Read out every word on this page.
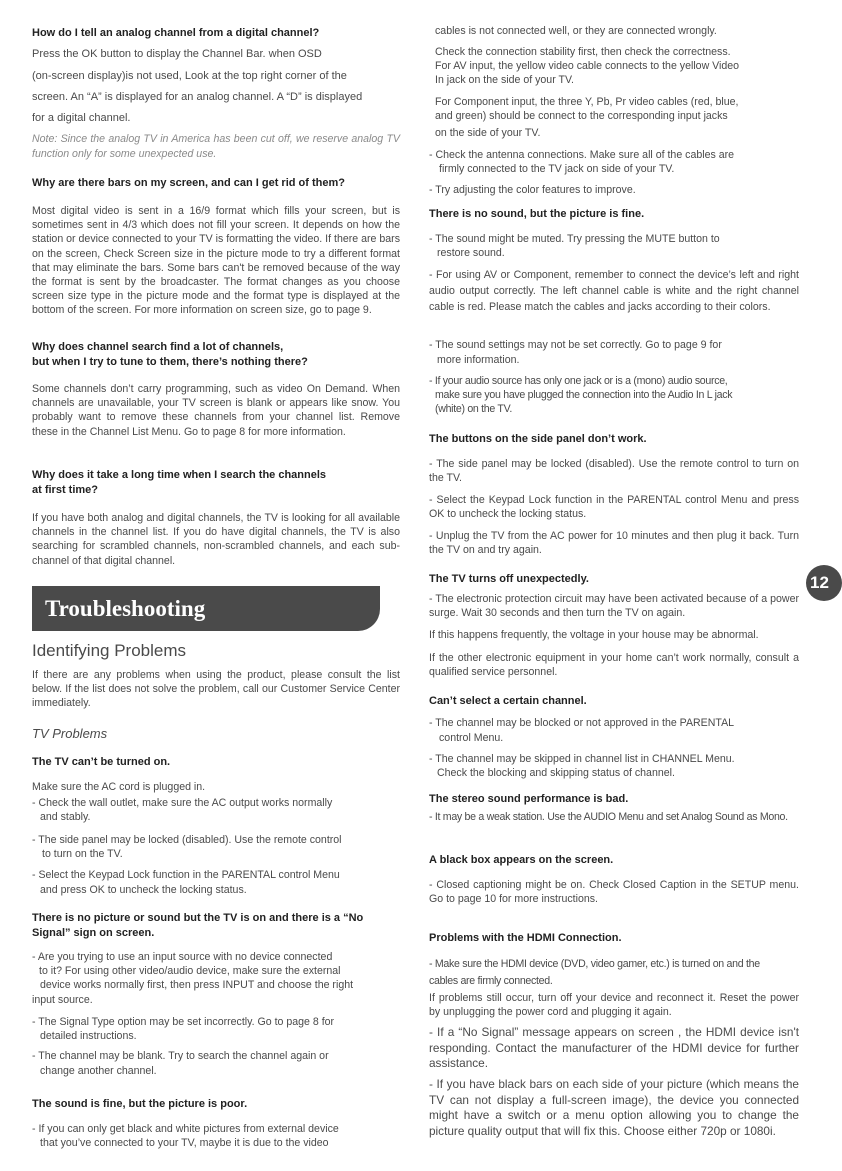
How do I tell an analog channel from a digital channel?
Press the OK button to display the Channel Bar. when OSD
(on-screen display)is not used, Look at the top right corner of the
screen. An “A” is displayed for an analog channel. A “D” is displayed
for a digital channel.
Note: Since the analog TV in America has been cut off, we reserve analog TV function only for some unexpected use.
Why are there bars on my screen, and can I get rid of them?
Most digital video is sent in a 16/9 format which fills your screen, but is sometimes sent in 4/3 which does not fill your screen. It depends on how the station or device connected to your TV is formatting the video. If there are bars on the screen, Check Screen size in the picture mode to try a different format that may eliminate the bars. Some bars can't be removed because of the way the format is sent by the broadcaster. The format changes as you choose screen size type in the picture mode and the format type is displayed at the bottom of the screen. For more information on screen size, go to page 9.
Why does channel search find a lot of channels,
but when I try to tune to them, there’s nothing there?
Some channels don’t carry programming, such as video On Demand. When channels are unavailable, your TV screen is blank or appears like snow. You probably want to remove these channels from your channel list. Remove these in the Channel List Menu. Go to page 8 for more information.
Why does it take a long time when I search the channels
at first time?
If you have both analog and digital channels, the TV is looking for all available channels in the channel list. If you do have digital channels, the TV is also searching for scrambled channels, non-scrambled channels, and each sub-channel of that digital channel.
Troubleshooting
Identifying Problems
If there are any problems when using the product, please consult the list below. If the list does not solve the problem, call our Customer Service Center immediately.
TV Problems
The TV can’t be turned on.
Make sure the AC cord is plugged in.
- Check the wall outlet, make sure the AC output works normally
and stably.
- The side panel may be locked (disabled). Use the remote control
to turn on the TV.
- Select the Keypad Lock function in the PARENTAL control Menu
and press OK to uncheck the locking status.
There is no picture or sound but the TV is on and there is a “No Signal” sign on screen.
- Are you trying to use an input source with no device connected
to it? For using other video/audio device, make sure the external
device works normally first, then press INPUT and choose the right
input source.
- The Signal Type option may be set incorrectly. Go to page 8 for
detailed instructions.
- The channel may be blank. Try to search the channel again or
change another channel.
The sound is fine, but the picture is poor.
- If you can only get black and white pictures from external device
that you’ve connected to your TV, maybe it is due to the video
cables is not connected well, or they are connected wrongly.
Check the connection stability first, then check the correctness.
For AV input, the yellow video cable connects to the yellow Video
In jack on the side of your TV.
For Component input, the three Y, Pb, Pr video cables (red, blue,
and green) should be connect to the corresponding input jacks
on the side of your TV.
- Check the antenna connections. Make sure all of the cables are
firmly connected to the TV jack on side of your TV.
- Try adjusting the color features to improve.
There is no sound, but the picture is fine.
- The sound might be muted. Try pressing the MUTE button to
restore sound.
- For using AV or Component, remember to connect the device’s left and right audio output correctly. The left channel cable is white and the right channel cable is red. Please match the cables and jacks according to their colors.
- The sound settings may not be set correctly. Go to page 9 for
more information.
- If your audio source has only one jack or is a (mono) audio source,
make sure you have plugged the connection into the Audio In L jack
(white) on the TV.
The buttons on the side panel don’t work.
- The side panel may be locked (disabled). Use the remote control to turn on the TV.
- Select the Keypad Lock function in the PARENTAL control Menu and press OK to uncheck the locking status.
- Unplug the TV from the AC power for 10 minutes and then plug it back. Turn the TV on and try again.
The TV turns off unexpectedly.
- The electronic protection circuit may have been activated because of a power surge. Wait 30 seconds and then turn the TV on again.
If this happens frequently, the voltage in your house may be abnormal.
If the other electronic equipment in your home can’t work normally, consult a qualified service personnel.
Can’t select a certain channel.
- The channel may be blocked or not approved in the PARENTAL
control Menu.
- The channel may be skipped in channel list in CHANNEL Menu.
Check the blocking and skipping status of channel.
The stereo sound performance is bad.
- It may be a weak station. Use the AUDIO Menu and set Analog Sound as Mono.
A black box appears on the screen.
- Closed captioning might be on. Check Closed Caption in the SETUP menu. Go to page 10 for more instructions.
Problems with the HDMI Connection.
- Make sure the HDMI device (DVD, video gamer, etc.) is turned on and the
cables are firmly connected.
If problems still occur, turn off your device and reconnect it. Reset the power by unplugging the power cord and plugging it again.
- If a “No Signal” message appears on screen , the HDMI device isn't responding. Contact the manufacturer of the HDMI device for further assistance.
- If you have black bars on each side of your picture (which means the TV can not display a full-screen image), the device you connected might have a switch or a menu option allowing you to change the picture quality output that will fix this. Choose either 720p or 1080i.
12
